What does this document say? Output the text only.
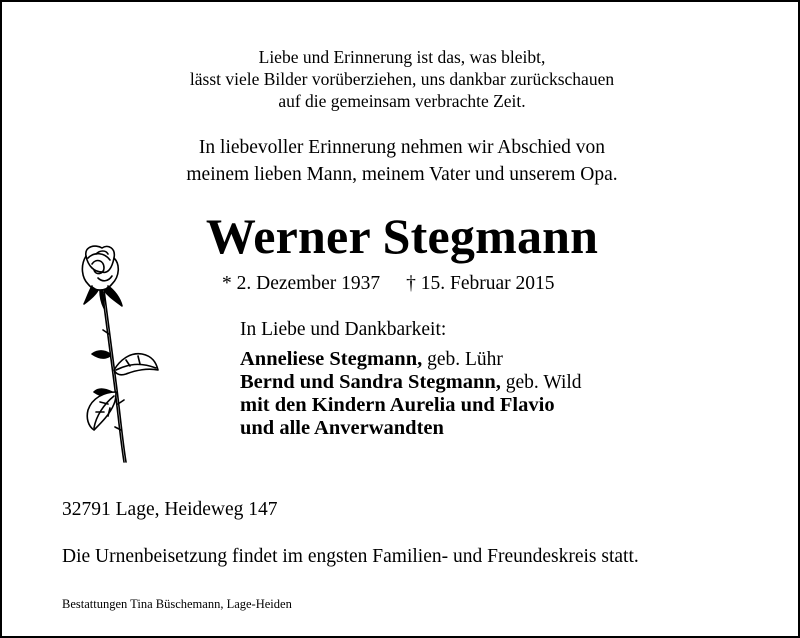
Liebe und Erinnerung ist das, was bleibt,
lässt viele Bilder vorüberziehen, uns dankbar zurückschauen
auf die gemeinsam verbrachte Zeit.
In liebevoller Erinnerung nehmen wir Abschied von
meinem lieben Mann, meinem Vater und unserem Opa.
Werner Stegmann
* 2. Dezember 1937 † 15. Februar 2015
In Liebe und Dankbarkeit:
Anneliese Stegmann, geb. Lühr
Bernd und Sandra Stegmann, geb. Wild
mit den Kindern Aurelia und Flavio
und alle Anverwandten
32791 Lage, Heideweg 147
Die Urnenbeisetzung findet im engsten Familien- und Freundeskreis statt.
Bestattungen Tina Büschemann, Lage-Heiden
